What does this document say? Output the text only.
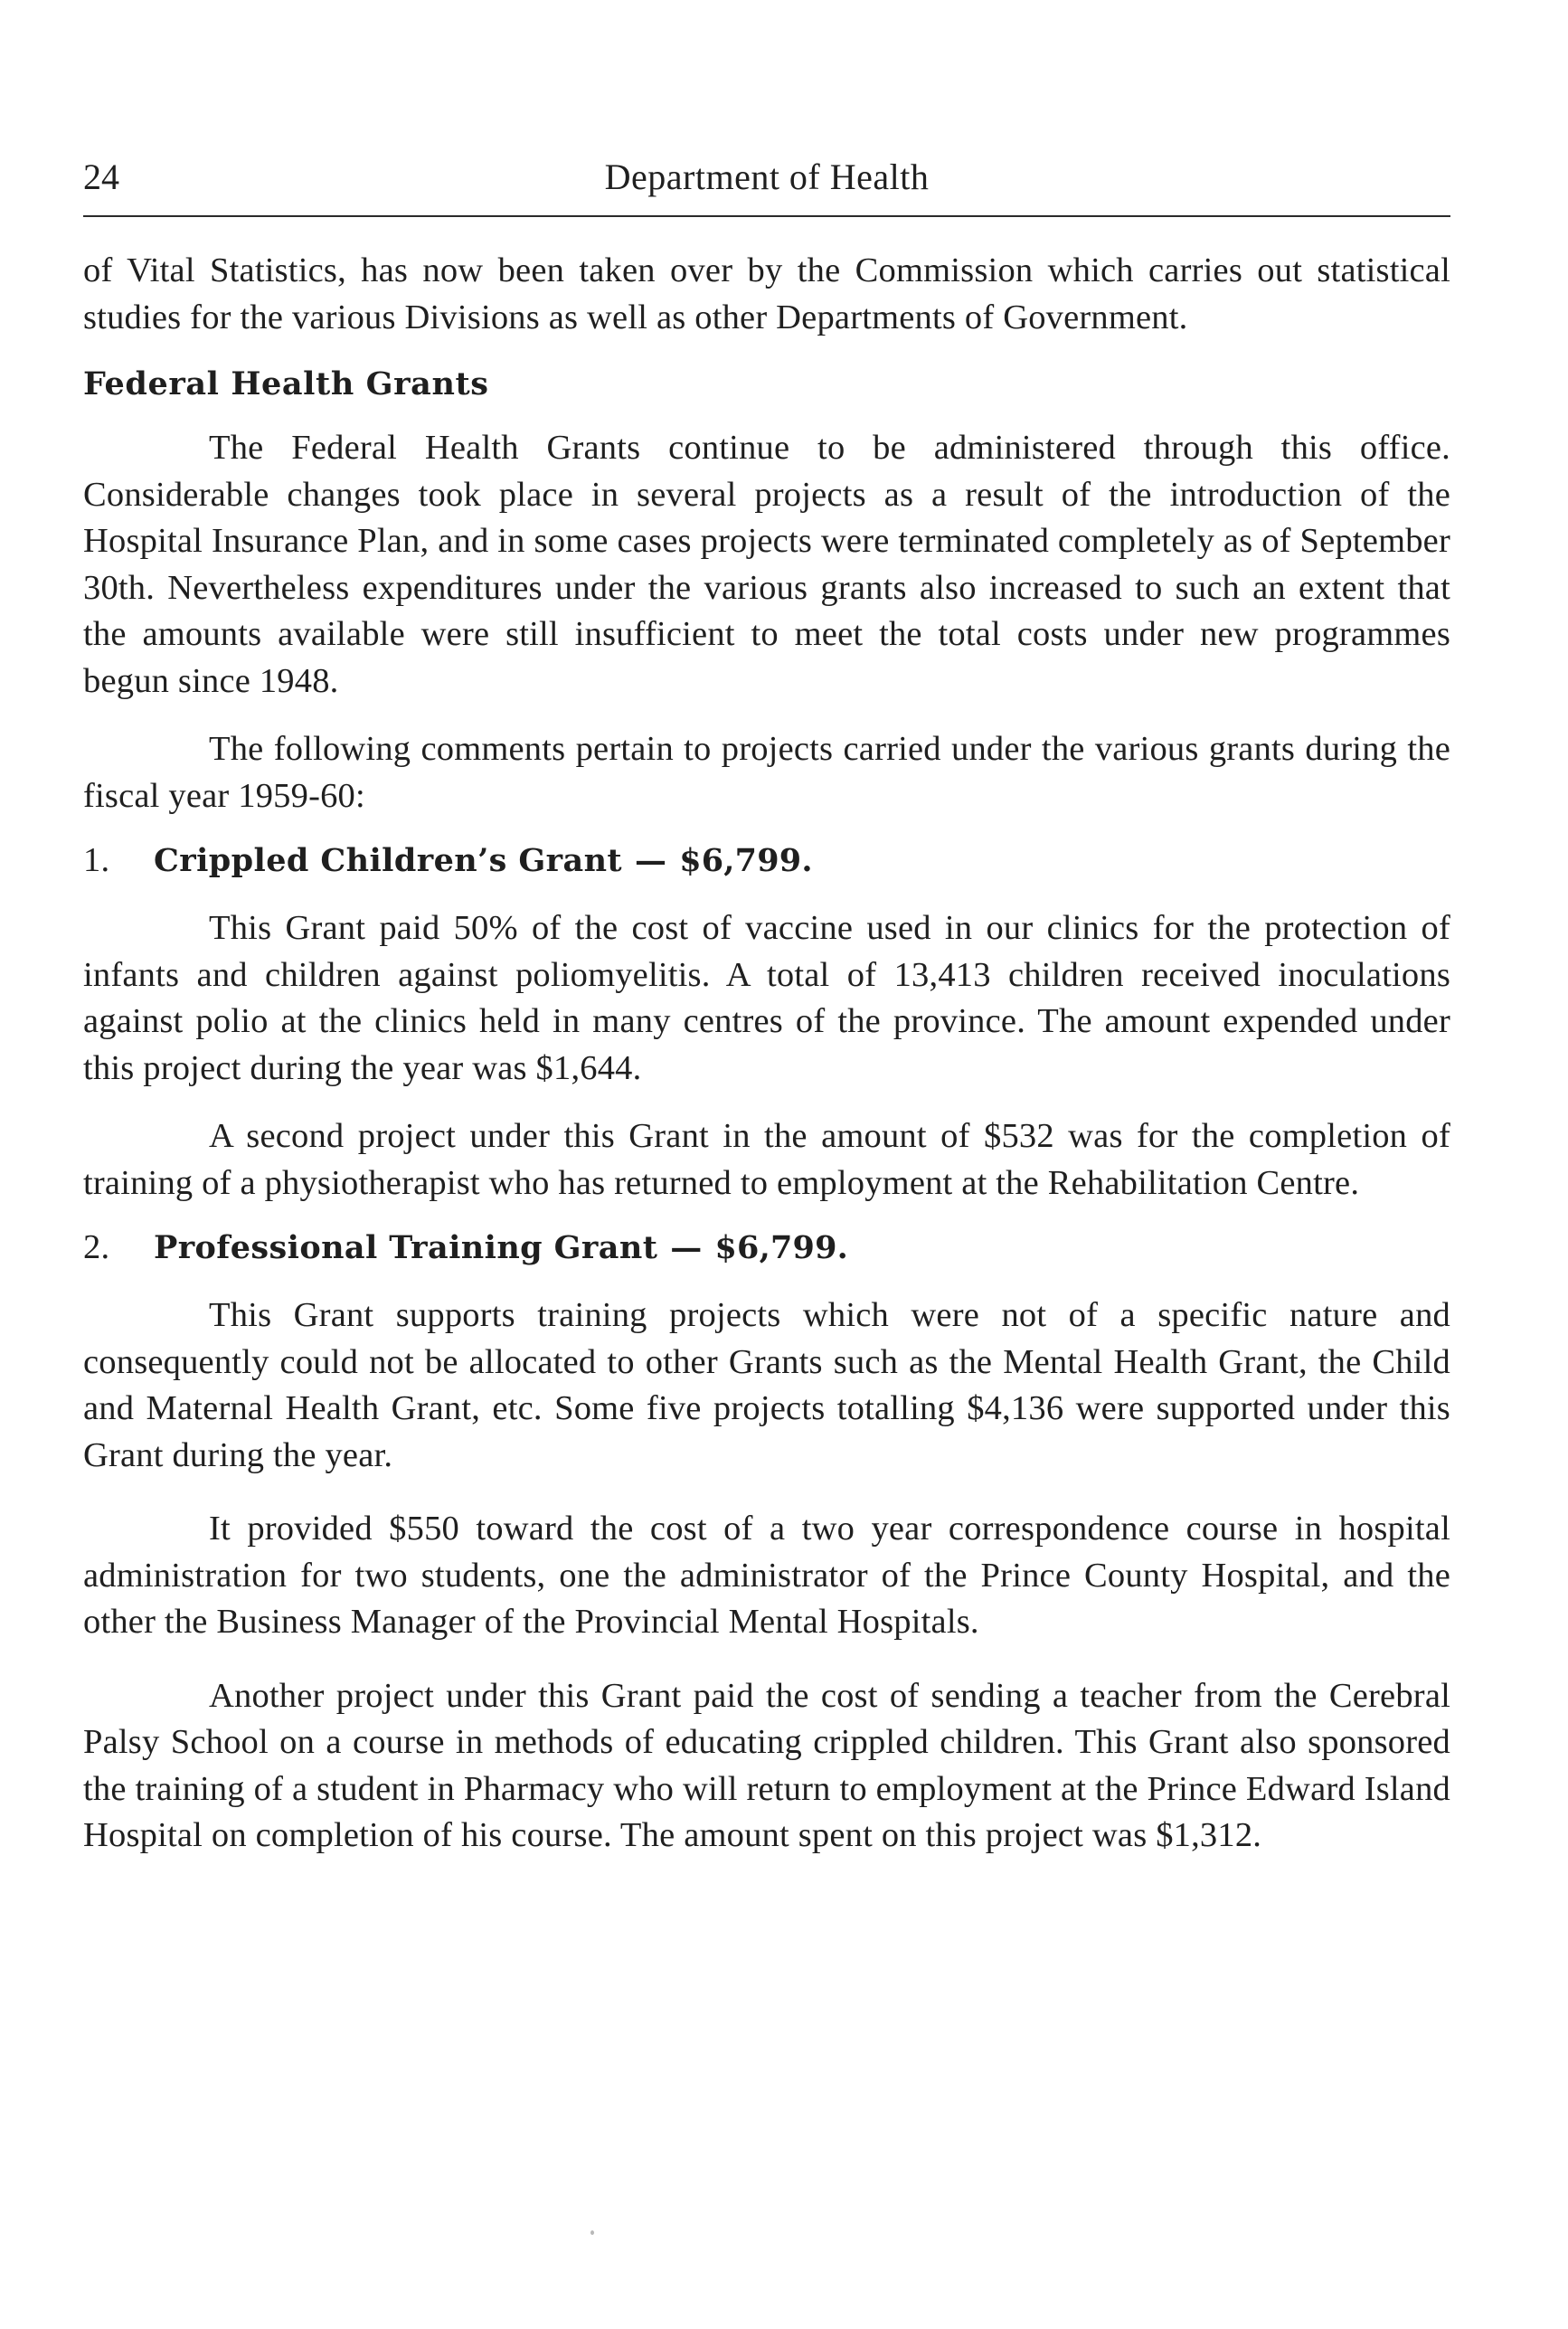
24	Department of Health

of Vital Statistics, has now been taken over by the Commission which carries out statistical studies for the various Divisions as well as other Departments of Government.

Federal Health Grants

The Federal Health Grants continue to be administered through this office. Considerable changes took place in several projects as a result of the introduction of the Hospital Insurance Plan, and in some cases projects were terminated completely as of September 30th. Nevertheless expenditures under the various grants also increased to such an extent that the amounts available were still insufficient to meet the total costs under new programmes begun since 1948.

The following comments pertain to projects carried under the various grants during the fiscal year 1959-60:

1. Crippled Children’s Grant — $6,799.

This Grant paid 50% of the cost of vaccine used in our clinics for the protection of infants and children against poliomyelitis. A total of 13,413 children received inoculations against polio at the clinics held in many centres of the province. The amount expended under this project during the year was $1,644.

A second project under this Grant in the amount of $532 was for the completion of training of a physiotherapist who has returned to employment at the Rehabilitation Centre.

2. Professional Training Grant — $6,799.

This Grant supports training projects which were not of a specific nature and consequently could not be allocated to other Grants such as the Mental Health Grant, the Child and Maternal Health Grant, etc. Some five projects totalling $4,136 were supported under this Grant during the year.

It provided $550 toward the cost of a two year correspondence course in hospital administration for two students, one the administrator of the Prince County Hospital, and the other the Business Manager of the Provincial Mental Hospitals.

Another project under this Grant paid the cost of sending a teacher from the Cerebral Palsy School on a course in methods of educating crippled children. This Grant also sponsored the training of a student in Pharmacy who will return to employment at the Prince Edward Island Hospital on completion of his course. The amount spent on this project was $1,312.
